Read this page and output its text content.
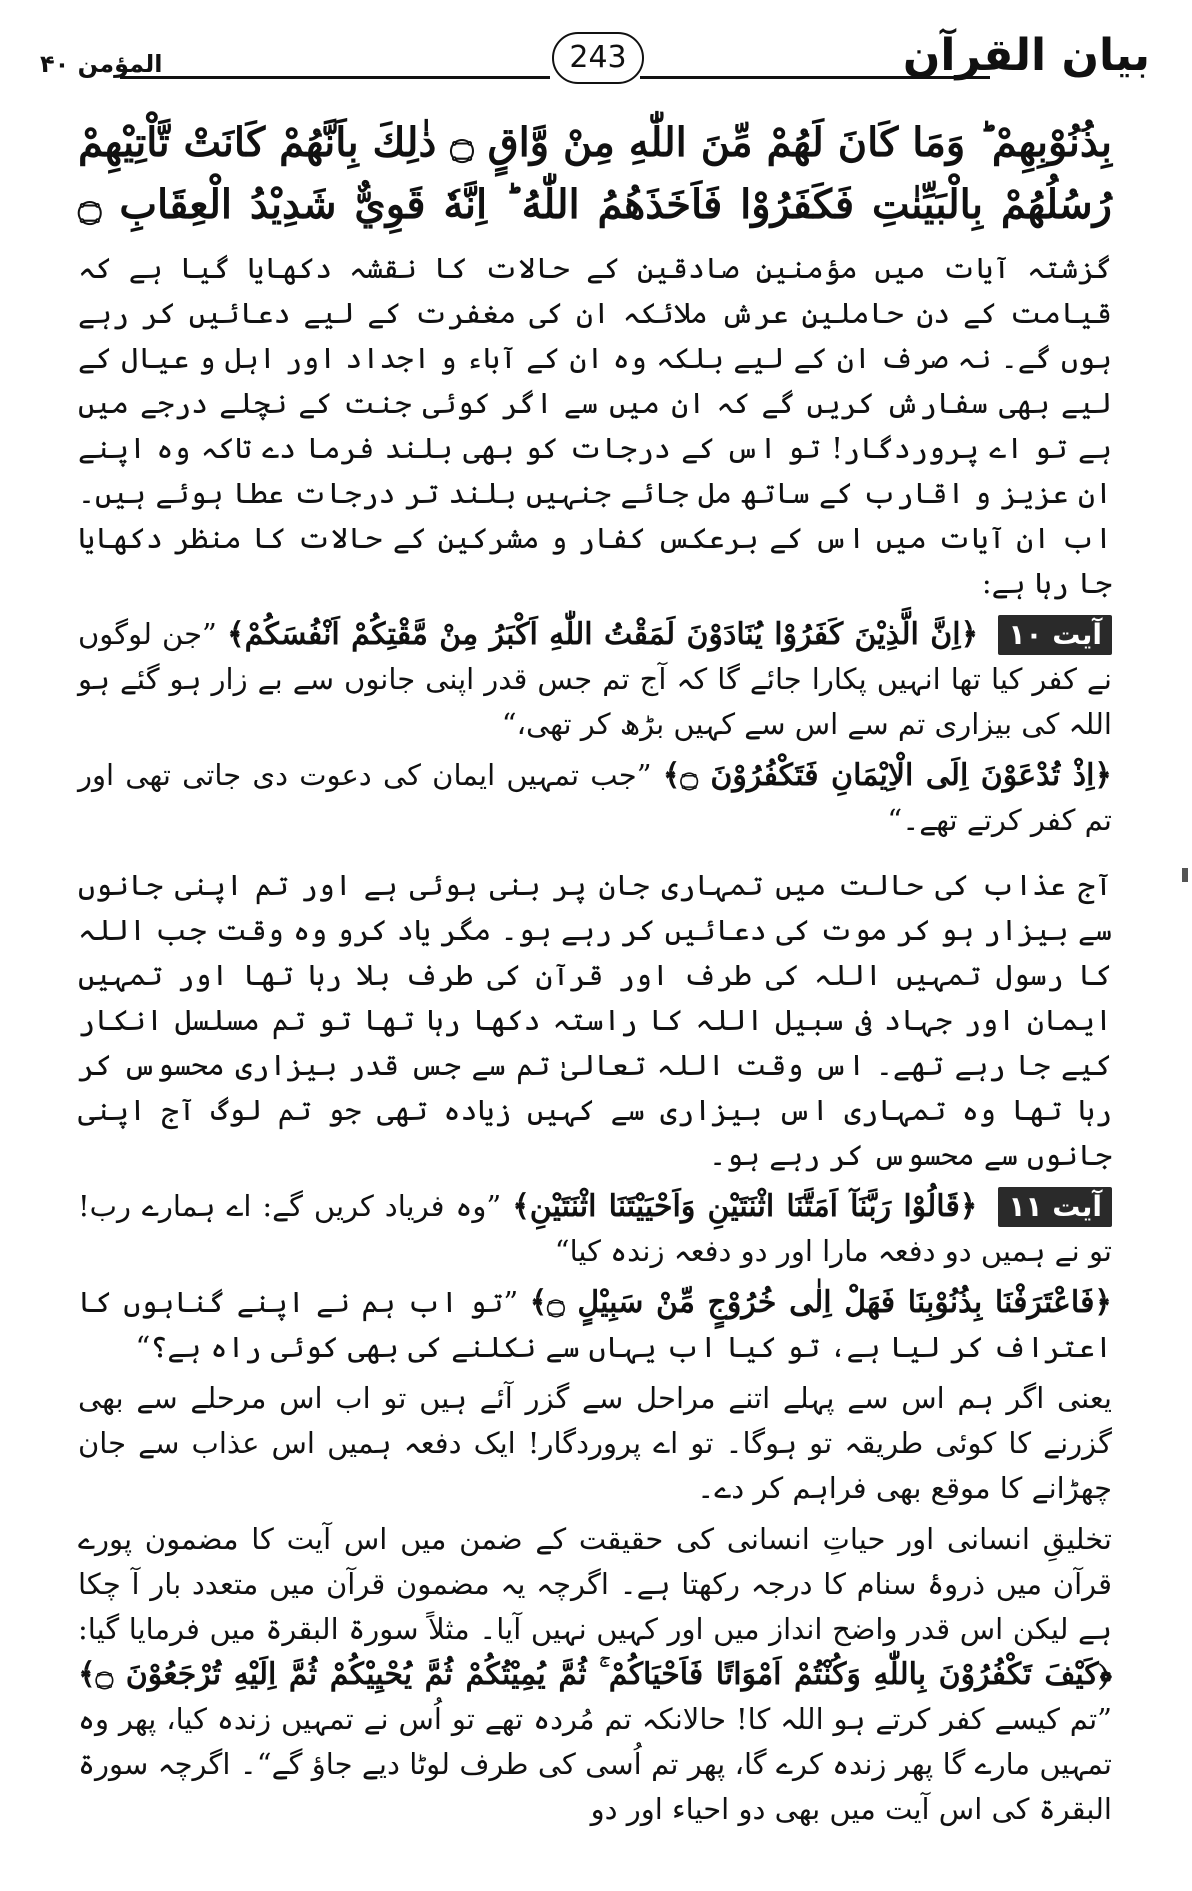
المؤمن ۴۰	243	بیان القرآن

بِذُنُوْبِهِمْ ؕ وَمَا كَانَ لَهُمْ مِّنَ اللّٰهِ مِنْ وَّاقٍ ۝ ذٰلِكَ بِاَنَّهُمْ كَانَتْ تَّاْتِيْهِمْ رُسُلُهُمْ بِالْبَيِّنٰتِ فَكَفَرُوْا فَاَخَذَهُمُ اللّٰهُ ؕ اِنَّهٗ قَوِيٌّ شَدِيْدُ الْعِقَابِ ۝

گزشتہ آیات میں مؤمنینِ صادقین کے حالات کا نقشہ دکھایا گیا ہے کہ قیامت کے دن حاملینِ عرش ملائکہ ان کی مغفرت کے لیے دعائیں کر رہے ہوں گے۔ نہ صرف ان کے لیے بلکہ وہ ان کے آباء و اجداد اور اہل و عیال کے لیے بھی سفارش کریں گے کہ ان میں سے اگر کوئی جنت کے نچلے درجے میں ہے تو اے پروردگار! تو اس کے درجات کو بھی بلند فرما دے تاکہ وہ اپنے ان عزیز و اقارب کے ساتھ مل جائے جنہیں بلند تر درجات عطا ہوئے ہیں۔ اب ان آیات میں اس کے برعکس کفار و مشرکین کے حالات کا منظر دکھایا جا رہا ہے:

آیت ۱۰ ﴿اِنَّ الَّذِيْنَ كَفَرُوْا يُنَادَوْنَ لَمَقْتُ اللّٰهِ اَكْبَرُ مِنْ مَّقْتِكُمْ اَنْفُسَكُمْ﴾ ”جن لوگوں نے کفر کیا تھا انہیں پکارا جائے گا کہ آج تم جس قدر اپنی جانوں سے بے زار ہو گئے ہو اللہ کی بیزاری تم سے اس سے کہیں بڑھ کر تھی،“

﴿اِذْ تُدْعَوْنَ اِلَى الْاِيْمَانِ فَتَكْفُرُوْنَ ۝﴾ ”جب تمہیں ایمان کی دعوت دی جاتی تھی اور تم کفر کرتے تھے۔“

آج عذاب کی حالت میں تمہاری جان پر بنی ہوئی ہے اور تم اپنی جانوں سے بیزار ہو کر موت کی دعائیں کر رہے ہو۔ مگر یاد کرو وہ وقت جب اللہ کا رسول تمہیں اللہ کی طرف اور قرآن کی طرف بلا رہا تھا اور تمہیں ایمان اور جہاد فی سبیل اللہ کا راستہ دکھا رہا تھا تو تم مسلسل انکار کیے جا رہے تھے۔ اس وقت اللہ تعالیٰ تم سے جس قدر بیزاری محسوس کر رہا تھا وہ تمہاری اس بیزاری سے کہیں زیادہ تھی جو تم لوگ آج اپنی جانوں سے محسوس کر رہے ہو۔

آیت ۱۱ ﴿قَالُوْا رَبَّنَآ اَمَتَّنَا اثْنَتَيْنِ وَاَحْيَيْتَنَا اثْنَتَيْنِ﴾ ”وہ فریاد کریں گے: اے ہمارے رب! تو نے ہمیں دو دفعہ مارا اور دو دفعہ زندہ کیا“

﴿فَاعْتَرَفْنَا بِذُنُوْبِنَا فَهَلْ اِلٰى خُرُوْجٍ مِّنْ سَبِيْلٍ ۝﴾ ”تو اب ہم نے اپنے گناہوں کا اعتراف کر لیا ہے، تو کیا اب یہاں سے نکلنے کی بھی کوئی راہ ہے؟“

یعنی اگر ہم اس سے پہلے اتنے مراحل سے گزر آئے ہیں تو اب اس مرحلے سے بھی گزرنے کا کوئی طریقہ تو ہوگا۔ تو اے پروردگار! ایک دفعہ ہمیں اس عذاب سے جان چھڑانے کا موقع بھی فراہم کر دے۔

تخلیقِ انسانی اور حیاتِ انسانی کی حقیقت کے ضمن میں اس آیت کا مضمون پورے قرآن میں ذروۂ سنام کا درجہ رکھتا ہے۔ اگرچہ یہ مضمون قرآن میں متعدد بار آ چکا ہے لیکن اس قدر واضح انداز میں اور کہیں نہیں آیا۔ مثلاً سورۃ البقرۃ میں فرمایا گیا: ﴿كَيْفَ تَكْفُرُوْنَ بِاللّٰهِ وَكُنْتُمْ اَمْوَاتًا فَاَحْيَاكُمْ ۚ ثُمَّ يُمِيْتُكُمْ ثُمَّ يُحْيِيْكُمْ ثُمَّ اِلَيْهِ تُرْجَعُوْنَ ۝﴾ ”تم کیسے کفر کرتے ہو اللہ کا! حالانکہ تم مُردہ تھے تو اُس نے تمہیں زندہ کیا، پھر وہ تمہیں مارے گا پھر زندہ کرے گا، پھر تم اُسی کی طرف لوٹا دیے جاؤ گے“۔ اگرچہ سورۃ البقرۃ کی اس آیت میں بھی دو احیاء اور دو
